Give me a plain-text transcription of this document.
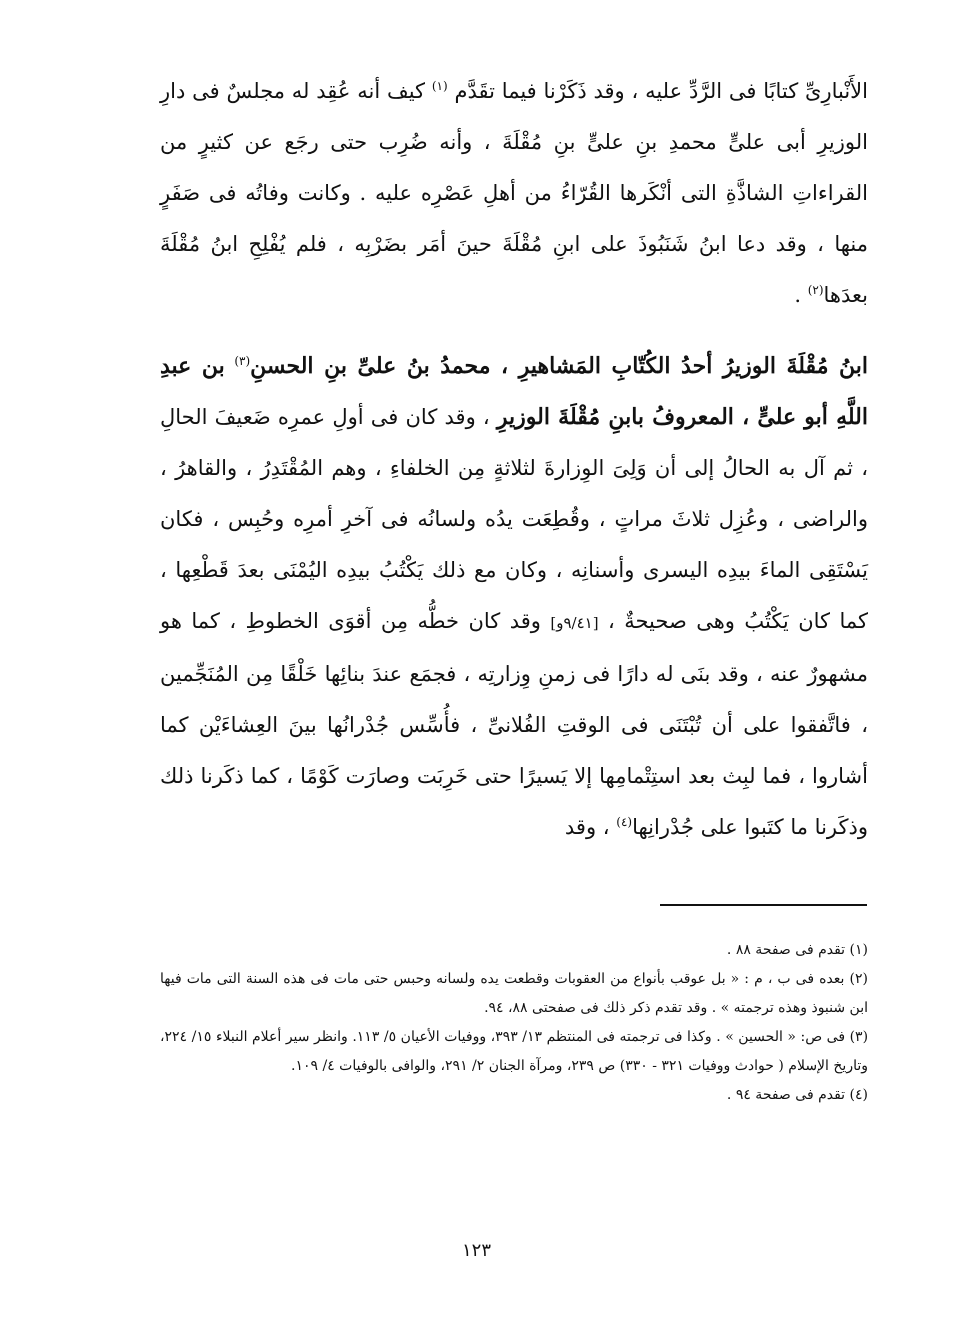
الأَنْبارِىِّ كتابًا فى الرَّدِّ عليه ، وقد ذَكَرْنا فيما تقَدَّم $^{(١)}$ كيف أنه عُقِد له مجلسٌ فى دارِ الوزيرِ أبى علىٍّ محمدِ بنِ علىٍّ بنِ مُقْلَةَ ، وأنه ضُرِب حتى رجَع عن كثيرٍ من القراءاتِ الشاذَّةِ التى أنْكَرها القُرّاءُ من أهلِ عَصْرِه عليه . وكانت وفاتُه فى صَفَرٍ منها ، وقد دعا ابنُ شَنَبُوذَ على ابنِ مُقْلَةَ حينَ أمَر بضَرْبِه ، فلم يُفْلِحِ ابنُ مُقْلَةَ بعدَها$^{(٢)}$ .

ابنُ مُقْلَةَ الوزيرُ أحدُ الكُتّابِ المَشاهيرِ ، محمدُ بنُ علىِّ بنِ الحسنِ$^{(٣)}$ بن عبدِ اللَّهِ أبو علىٍّ ، المعروفُ بابنِ مُقْلَةَ الوزيرِ ، وقد كان فى أولِ عمرِه ضَعيفَ الحالِ ، ثم آل به الحالُ إلى أن وَلِىَ الوِزارةَ لثلاثةٍ مِن الخلفاءِ ، وهم المُقْتَدِرُ ، والقاهرُ ، والراضى ، وعُزِل ثلاثَ مراتٍ ، وقُطِعَت يدُه ولسانُه فى آخرِ أمرِه وحُبِس ، فكان يَسْتَقِى الماءَ بيدِه اليسرى وأسنانِه ، وكان مع ذلك يَكْتُبُ بيدِه اليُمْنَى بعدَ قَطْعِها ، كما كان يَكْتُبُ وهى صحيحةٌ ، [٩/٤١و] وقد كان خطُّه مِن أقوَى الخطوطِ ، كما هو مشهورٌ عنه ، وقد بنَى له دارًا فى زمنِ وِزارتِه ، فجمَع عندَ بنائِها خَلْقًا مِن المُنَجِّمين ، فاتَّفقوا على أن تُبْتَنَى فى الوقتِ الفُلانىِّ ، فأُسِّس جُدْرانُها بينَ العِشاءَيْن كما أشاروا ، فما لبِث بعد استِتْمامِها إلا يَسيرًا حتى خَرِبَت وصارَت كَوْمًا ، كما ذكَرنا ذلك وذكَرنا ما كتَبوا على جُدْرانِها$^{(٤)}$ ، وقد

(١) تقدم فى صفحة ٨٨ .

(٢) بعده فى ب ، م : « بل عوقب بأنواع من العقوبات وقطعت يده ولسانه وحبس حتى مات فى هذه السنة التى مات فيها ابن شنبوذ وهذه ترجمته » . وقد تقدم ذكر ذلك فى صفحتى ٨٨، ٩٤.

(٣) فى ص: « الحسين » . وكذا فى ترجمته فى المنتظم ١٣/ ٣٩٣، ووفيات الأعيان ٥/ ١١٣. وانظر سير أعلام النبلاء ١٥/ ٢٢٤، وتاريخ الإسلام ( حوادث ووفيات ٣٢١ - ٣٣٠) ص ٢٣٩، ومرآة الجنان ٢/ ٢٩١، والوافى بالوفيات ٤/ ١٠٩.

(٤) تقدم فى صفحة ٩٤ .

١٢٣
